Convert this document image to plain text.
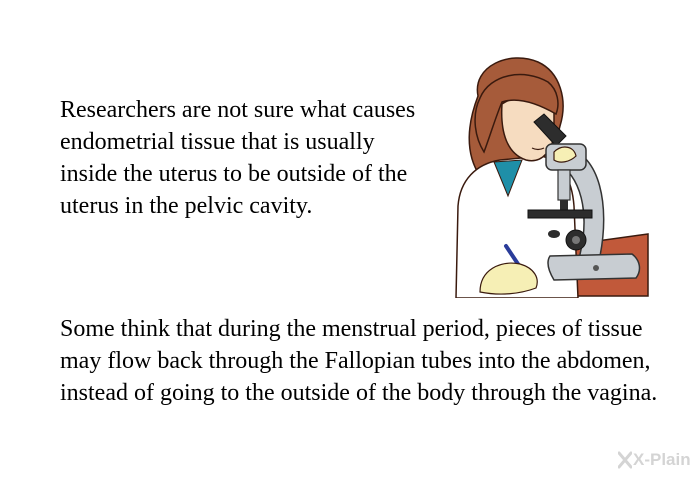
Researchers are not sure what causes endometrial tissue that is usually inside the uterus to be outside of the uterus in the pelvic cavity.

Some think that during the menstrual period, pieces of tissue may flow back through the Fallopian tubes into the abdomen, instead of going to the outside of the body through the vagina.

X-Plain
